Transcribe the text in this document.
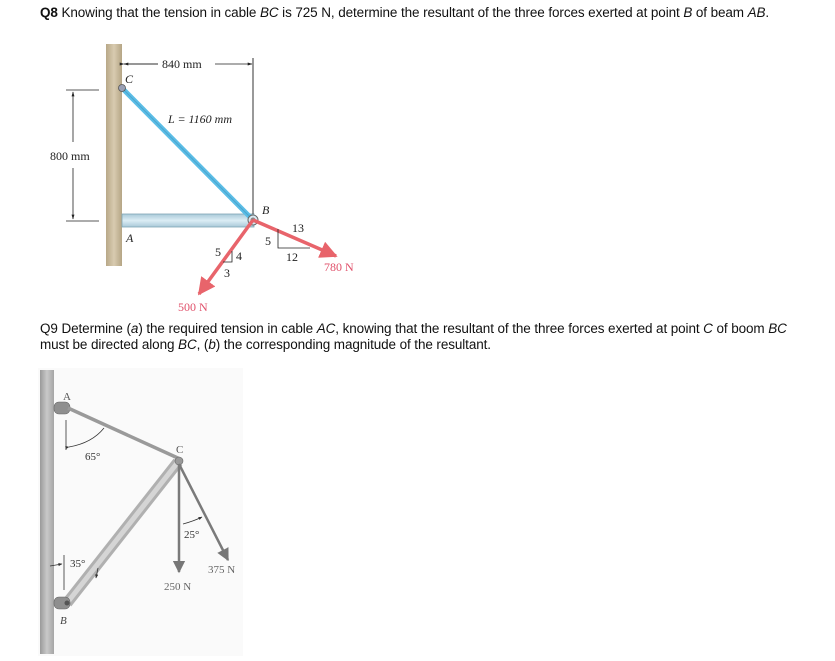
Q8 Knowing that the tension in cable BC is 725 N, determine the resultant of the three forces exerted at point B of beam AB.
840 mm
800 mm
L = 1160 mm
C
A
B
13
5
12
780 N
5 4
3
500 N
Q9 Determine (a) the required tension in cable AC, knowing that the resultant of the three forces exerted at point C of boom BC must be directed along BC, (b) the corresponding magnitude of the resultant.
65°
35°
250 N
375 N
25°
A
B
C
